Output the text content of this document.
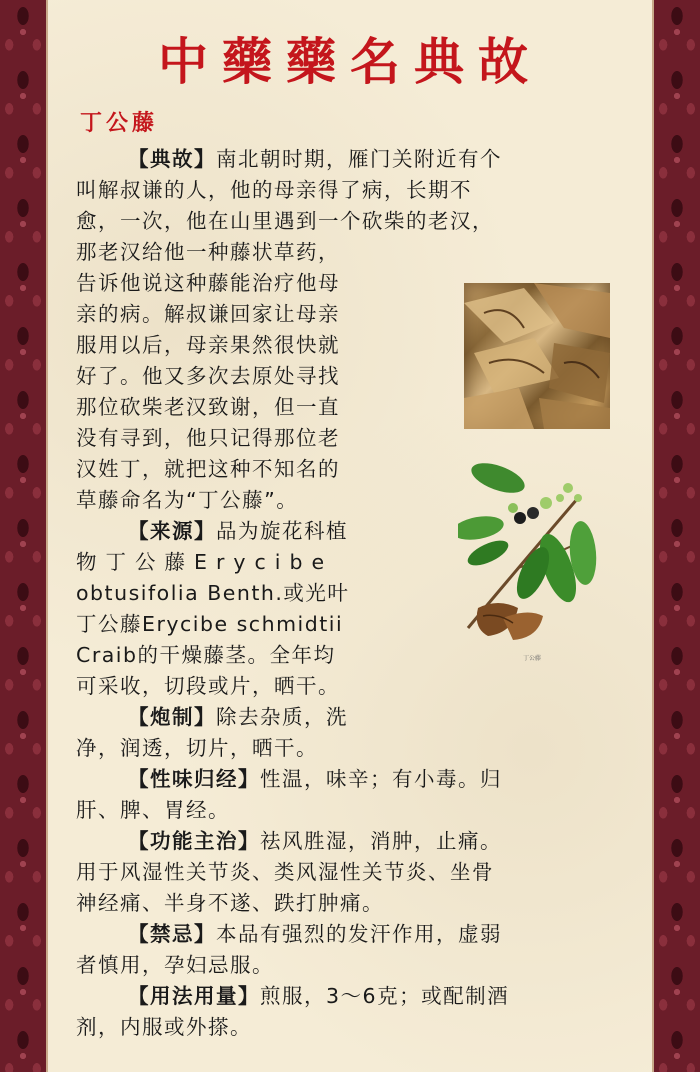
中藥藥名典故
丁公藤
【典故】南北朝时期，雁门关附近有个
叫解叔谦的人，他的母亲得了病，长期不
愈，一次，他在山里遇到一个砍柴的老汉，
那老汉给他一种藤状草药，
告诉他说这种藤能治疗他母
亲的病。解叔谦回家让母亲
服用以后，母亲果然很快就
好了。他又多次去原处寻找
那位砍柴老汉致谢，但一直
没有寻到，他只记得那位老
汉姓丁，就把这种不知名的
草藤命名为“丁公藤”。
【来源】品为旋花科植
物丁公藤Erycibe
obtusifolia Benth.或光叶
丁公藤Erycibe schmidtii
Craib的干燥藤茎。全年均
可采收，切段或片，晒干。
【炮制】除去杂质，洗
净，润透，切片，晒干。
【性味归经】性温，味辛；有小毒。归
肝、脾、胃经。
【功能主治】祛风胜湿，消肿，止痛。
用于风湿性关节炎、类风湿性关节炎、坐骨
神经痛、半身不遂、跌打肿痛。
【禁忌】本品有强烈的发汗作用，虚弱
者慎用，孕妇忌服。
【用法用量】煎服，3～6克；或配制酒
剂，内服或外搽。
丁公藤
